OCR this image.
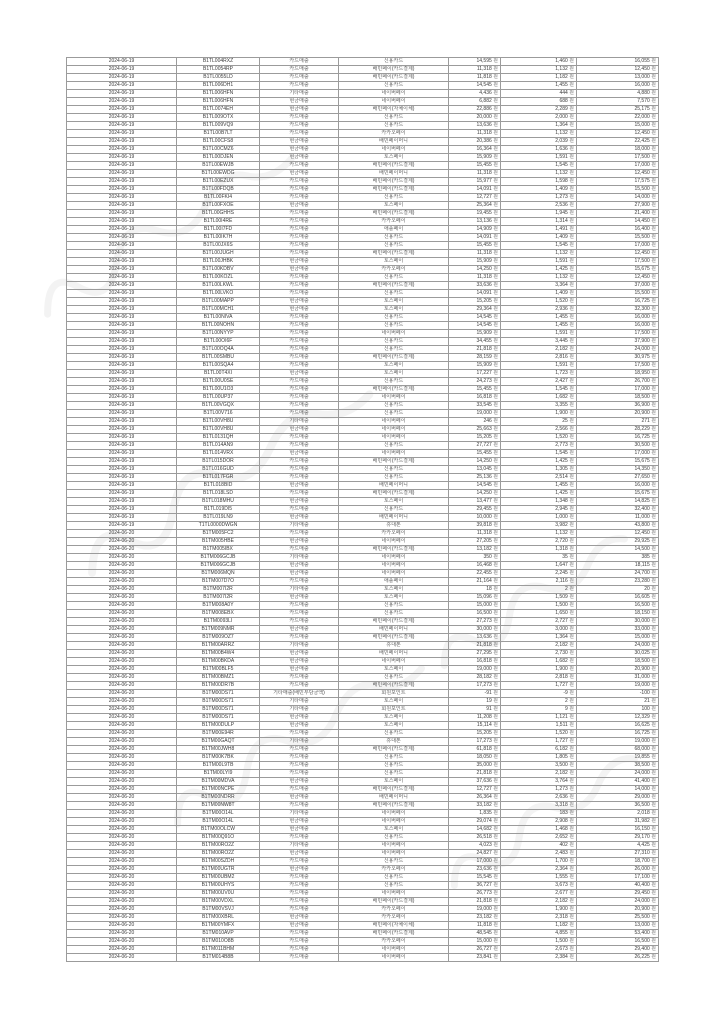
2024-06-19	B1TL004RXZ	카드매출	신용카드	14,595 원	1,460 원	16,055 원
2024-06-19	B1TL0054RP	카드매출	배민페이(카드결제)	11,318 원	1,132 원	12,450 원
2024-06-19	B1TL0055LD	카드매출	배민페이(카드결제)	11,818 원	1,182 원	13,000 원
2024-06-19	B1TL006DH1	카드매출	신용카드	14,545 원	1,455 원	16,000 원
2024-06-19	B1TL006HFN	기타매출	네이버페이	4,436 원	444 원	4,880 원
2024-06-19	B1TL006HFN	현금매출	네이버페이	6,882 원	688 원	7,570 원
2024-06-19	B1TL0074EH	현금매출	배민페이(자체이체)	22,886 원	2,289 원	25,175 원
2024-06-19	B1TL009OTX	카드매출	신용카드	20,000 원	2,000 원	22,000 원
2024-06-19	B1TL009VQ9	카드매출	신용카드	13,636 원	1,364 원	15,000 원
2024-06-19	B1TL00B7LT	카드매출	카카오페이	11,318 원	1,132 원	12,450 원
2024-06-19	B1TL00CFS8	현금매출	배민페이머니	20,386 원	2,039 원	22,425 원
2024-06-19	B1TL00CMZ6	현금매출	네이버페이	16,364 원	1,636 원	18,000 원
2024-06-19	B1TL00DJEN	현금매출	토스페이	15,909 원	1,591 원	17,500 원
2024-06-19	B1TL00EWJB	카드매출	배민페이(카드결제)	15,455 원	1,545 원	17,000 원
2024-06-19	B1TL00EWDG	현금매출	배민페이머니	11,318 원	1,132 원	12,450 원
2024-06-19	B1TL00EZUX	카드매출	배민페이(카드결제)	15,977 원	1,598 원	17,575 원
2024-06-19	B1TL00FDQB	카드매출	배민페이(카드결제)	14,091 원	1,409 원	15,500 원
2024-06-19	B1TL00FKI4	카드매출	신용카드	12,727 원	1,273 원	14,000 원
2024-06-19	B1TL00FXOE	현금매출	토스페이	25,364 원	2,536 원	27,900 원
2024-06-19	B1TL00GHHS	카드매출	배민페이(카드결제)	19,455 원	1,945 원	21,400 원
2024-06-19	B1TL00I4RE	카드매출	카카오페이	13,136 원	1,314 원	14,450 원
2024-06-19	B1TL00I7FD	카드매출	애플페이	14,909 원	1,491 원	16,400 원
2024-06-19	B1TL00IK7H	카드매출	신용카드	14,091 원	1,409 원	15,500 원
2024-06-19	B1TL00JX6S	카드매출	신용카드	15,455 원	1,545 원	17,000 원
2024-06-19	B1TL00JUGH	카드매출	배민페이(카드결제)	11,318 원	1,132 원	12,450 원
2024-06-19	B1TL00JHBK	현금매출	토스페이	15,909 원	1,591 원	17,500 원
2024-06-19	B1TL00KDBV	현금매출	카카오페이	14,250 원	1,425 원	15,675 원
2024-06-19	B1TL00KOZL	카드매출	신용카드	11,318 원	1,132 원	12,450 원
2024-06-19	B1TL00LKWL	카드매출	배민페이(카드결제)	33,636 원	3,364 원	37,000 원
2024-06-19	B1TL00LVKO	카드매출	신용카드	14,091 원	1,409 원	15,500 원
2024-06-19	B1TL00MAPP	현금매출	토스페이	15,205 원	1,520 원	16,725 원
2024-06-19	B1TL00MCH1	현금매출	토스페이	29,364 원	2,936 원	32,300 원
2024-06-19	B1TL00NIVA	카드매출	신용카드	14,545 원	1,455 원	16,000 원
2024-06-19	B1TL00NOHN	카드매출	신용카드	14,545 원	1,455 원	16,000 원
2024-06-19	B1TL00NYYP	카드매출	네이버페이	15,909 원	1,591 원	17,500 원
2024-06-19	B1TL00OI6F	카드매출	신용카드	34,455 원	3,445 원	37,900 원
2024-06-19	B1TL00OQ4A	카드매출	신용카드	21,818 원	2,182 원	24,000 원
2024-06-19	B1TL00SMBU	카드매출	배민페이(카드결제)	28,159 원	2,816 원	30,975 원
2024-06-19	B1TL00SQA4	카드매출	토스페이	15,909 원	1,591 원	17,500 원
2024-06-19	B1TL00T4XI	현금매출	토스페이	17,227 원	1,723 원	18,950 원
2024-06-19	B1TL00U0SE	카드매출	신용카드	24,273 원	2,427 원	26,700 원
2024-06-19	B1TL00U1O3	카드매출	배민페이(카드결제)	15,455 원	1,545 원	17,000 원
2024-06-19	B1TL00UP37	카드매출	네이버페이	16,818 원	1,682 원	18,500 원
2024-06-19	B1TL00VGQX	카드매출	신용카드	33,545 원	3,355 원	36,900 원
2024-06-19	B1TL00V716	카드매출	신용카드	19,000 원	1,900 원	20,900 원
2024-06-19	B1TL00VH8U	기타매출	네이버페이	246 원	25 원	271 원
2024-06-19	B1TL00VH8U	현금매출	네이버페이	25,663 원	2,566 원	28,229 원
2024-06-19	B1TL0131QH	카드매출	네이버페이	15,205 원	1,520 원	16,725 원
2024-06-19	B1TL014AN9	카드매출	신용카드	27,727 원	2,773 원	30,500 원
2024-06-19	B1TL014VRX	현금매출	네이버페이	15,455 원	1,545 원	17,000 원
2024-06-19	B1TL015DOR	카드매출	배민페이(카드결제)	14,250 원	1,425 원	15,675 원
2024-06-19	B1TL016GUD	카드매출	신용카드	13,045 원	1,305 원	14,350 원
2024-06-19	B1TL017FGR	카드매출	신용카드	25,136 원	2,514 원	27,650 원
2024-06-19	B1TL018BID	현금매출	배민페이머니	14,545 원	1,455 원	16,000 원
2024-06-19	B1TL018LSD	카드매출	배민페이(카드결제)	14,250 원	1,425 원	15,675 원
2024-06-19	B1TL018MHU	현금매출	토스페이	13,477 원	1,348 원	14,825 원
2024-06-19	B1TL019DI5	카드매출	신용카드	29,455 원	2,945 원	32,400 원
2024-06-19	B1TL019LN9	현금매출	배민페이머니	10,000 원	1,000 원	11,000 원
2024-06-19	T1TL0000DWGN	기타매출	휴대폰	39,818 원	3,982 원	43,800 원
2024-06-20	B1TM005FC2	카드매출	카카오페이	11,318 원	1,132 원	12,450 원
2024-06-20	B1TM005HBE	현금매출	네이버페이	27,205 원	2,720 원	29,925 원
2024-06-20	B1TM005IBX	카드매출	배민페이(카드결제)	13,182 원	1,318 원	14,500 원
2024-06-20	B1TM006GCJB	기타매출	네이버페이	350 원	35 원	385 원
2024-06-20	B1TM006GCJB	현금매출	네이버페이	16,468 원	1,647 원	18,115 원
2024-06-20	B1TM006MQN	현금매출	네이버페이	22,455 원	2,245 원	24,700 원
2024-06-20	B1TM007D7O	카드매출	애플페이	21,164 원	2,116 원	23,280 원
2024-06-20	B1TM007I2R	기타매출	토스페이	18 원	2 원	20 원
2024-06-20	B1TM007I2R	현금매출	토스페이	15,096 원	1,509 원	16,605 원
2024-06-20	B1TM008A0Y	카드매출	신용카드	15,000 원	1,500 원	16,500 원
2024-06-20	B1TM008EBX	카드매출	신용카드	16,500 원	1,650 원	18,150 원
2024-06-20	B1TM0093LI	카드매출	배민페이(카드결제)	27,273 원	2,727 원	30,000 원
2024-06-20	B1TM009NMR	현금매출	배민페이머니	30,000 원	3,000 원	33,000 원
2024-06-20	B1TM009OZ7	카드매출	배민페이(카드결제)	13,636 원	1,364 원	15,000 원
2024-06-20	B1TM00ARRZ	기타매출	휴대폰	21,818 원	2,182 원	24,000 원
2024-06-20	B1TM00B4W4	현금매출	배민페이머니	27,295 원	2,730 원	30,025 원
2024-06-20	B1TM00BKDA	현금매출	네이버페이	16,818 원	1,682 원	18,500 원
2024-06-20	B1TM00BLF5	현금매출	토스페이	19,000 원	1,900 원	20,900 원
2024-06-20	B1TM00BMZ1	카드매출	신용카드	28,182 원	2,818 원	31,000 원
2024-06-20	B1TM00DR7B	카드매출	배민페이(카드결제)	17,273 원	1,727 원	19,000 원
2024-06-20	B1TM00DS71	기타매출(배민부담금액)	회원포인트	-91 원	-9 원	-100 원
2024-06-20	B1TM00DS71	기타매출	토스페이	19 원	2 원	21 원
2024-06-20	B1TM00DS71	기타매출	회원포인트	91 원	9 원	100 원
2024-06-20	B1TM00DS71	현금매출	토스페이	11,208 원	1,121 원	12,329 원
2024-06-20	B1TM00DULP	현금매출	토스페이	15,114 원	1,511 원	16,625 원
2024-06-20	B1TM00E94R	카드매출	신용카드	15,205 원	1,520 원	16,725 원
2024-06-20	B1TM00GAQT	기타매출	휴대폰	17,273 원	1,727 원	19,000 원
2024-06-20	B1TM00JWH8	카드매출	배민페이(카드결제)	61,818 원	6,182 원	68,000 원
2024-06-20	B1TM00K7BK	카드매출	신용카드	18,050 원	1,805 원	19,855 원
2024-06-20	B1TM00L9TB	카드매출	신용카드	35,000 원	3,500 원	38,500 원
2024-06-20	B1TM00LYI9	카드매출	신용카드	21,818 원	2,182 원	24,000 원
2024-06-20	B1TM00MDVA	현금매출	토스페이	37,636 원	3,764 원	41,400 원
2024-06-20	B1TM00NCPE	카드매출	배민페이(카드결제)	12,727 원	1,273 원	14,000 원
2024-06-20	B1TM00NDRR	현금매출	배민페이머니	26,364 원	2,636 원	29,000 원
2024-06-20	B1TM00NW8T	카드매출	배민페이(카드결제)	33,182 원	3,318 원	36,500 원
2024-06-20	B1TM00O14L	기타매출	네이버페이	1,835 원	183 원	2,018 원
2024-06-20	B1TM00O14L	현금매출	네이버페이	29,074 원	2,908 원	31,982 원
2024-06-20	B1TM00OLCW	현금매출	토스페이	14,682 원	1,468 원	16,150 원
2024-06-20	B1TM00Q91O	카드매출	신용카드	26,518 원	2,652 원	29,170 원
2024-06-20	B1TM00RO2Z	기타매출	네이버페이	4,023 원	402 원	4,425 원
2024-06-20	B1TM00RO2Z	현금매출	네이버페이	24,827 원	2,483 원	27,310 원
2024-06-20	B1TM00SZDH	카드매출	신용카드	17,000 원	1,700 원	18,700 원
2024-06-20	B1TM00UGTR	현금매출	카카오페이	23,636 원	2,364 원	26,000 원
2024-06-20	B1TM00UBM2	카드매출	신용카드	15,545 원	1,555 원	17,100 원
2024-06-20	B1TM00UHYS	카드매출	신용카드	36,727 원	3,673 원	40,400 원
2024-06-20	B1TM00UV0U	카드매출	네이버페이	26,773 원	2,677 원	29,450 원
2024-06-20	B1TM00VDXL	카드매출	배민페이(카드결제)	21,818 원	2,182 원	24,000 원
2024-06-20	B1TM00VSVJ	카드매출	카카오페이	19,000 원	1,900 원	20,900 원
2024-06-20	B1TM00XBRL	현금매출	카카오페이	23,182 원	2,318 원	25,500 원
2024-06-20	B1TM00YMFX	현금매출	배민페이(자체이체)	11,818 원	1,182 원	13,000 원
2024-06-20	B1TM010AVP	카드매출	배민페이(카드결제)	48,545 원	4,855 원	53,400 원
2024-06-20	B1TM010O8B	카드매출	카카오페이	15,000 원	1,500 원	16,500 원
2024-06-20	B1TM011BHM	카드매출	네이버페이	26,727 원	2,673 원	29,400 원
2024-06-20	B1TM014B8B	카드매출	네이버페이	23,841 원	2,384 원	26,225 원
